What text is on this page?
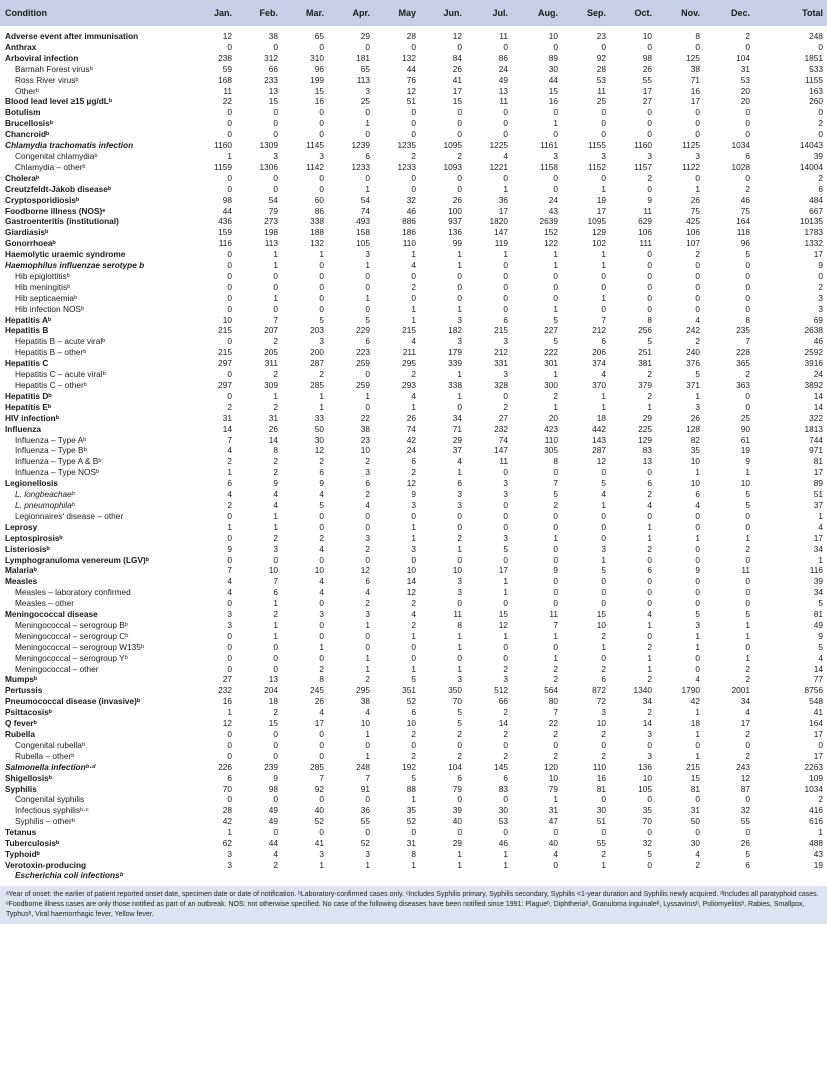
Condition	Jan.	Feb.	Mar.	Apr.	May	Jun.	Jul.	Aug.	Sep.	Oct.	Nov.	Dec.	Total

Adverse event after immunisation	12	38	65	29	28	12	11	10	23	10	8	2	248
Anthrax	0	0	0	0	0	0	0	0	0	0	0	0	0
Arboviral infection	238	312	310	181	132	84	86	89	92	98	125	104	1851
Barmah Forest virusᵇ	59	66	96	65	44	26	24	30	28	26	38	31	533
Ross River virusᵇ	168	233	199	113	76	41	49	44	53	55	71	53	1155
Otherᵇ	11	13	15	3	12	17	13	15	11	17	16	20	163
Blood lead level ≥15 µg/dLᵇ	22	15	16	25	51	15	11	16	25	27	17	20	260
Botulism	0	0	0	0	0	0	0	0	0	0	0	0	0
Brucellosisᵇ	0	0	0	1	0	0	0	1	0	0	0	0	2
Chancroidᵇ	0	0	0	0	0	0	0	0	0	0	0	0	0
Chlamydia trachomatis infection	1160	1309	1145	1239	1235	1095	1225	1161	1155	1160	1125	1034	14043
Congenital chlamydiaᵇ	1	3	3	6	2	2	4	3	3	3	3	6	39
Chlamydia – otherᵇ	1159	1306	1142	1233	1233	1093	1221	1158	1152	1157	1122	1028	14004
Choleraᵇ	0	0	0	0	0	0	0	0	0	2	0	0	2
Creutzfeldt-Jakob diseaseᵇ	0	0	0	1	0	0	1	0	1	0	1	2	6
Cryptosporidiosisᵇ	98	54	60	54	32	26	36	24	19	9	26	46	484
Foodborne illness (NOS)ᵉ	44	79	86	74	46	100	17	43	17	11	75	75	667
Gastroenteritis (institutional)	436	273	338	493	886	937	1820	2639	1095	629	425	164	10135
Giardiasisᵇ	159	198	188	158	186	136	147	152	129	106	106	118	1783
Gonorrhoeaᵇ	116	113	132	105	110	99	119	122	102	111	107	96	1332
Haemolytic uraemic syndrome	0	1	1	3	1	1	1	1	1	0	2	5	17
Haemophilus influenzae serotype b	0	1	0	1	4	1	0	1	1	0	0	0	9
Hib epiglottitisᵇ	0	0	0	0	0	0	0	0	0	0	0	0	0
Hib meningitisᵇ	0	0	0	0	2	0	0	0	0	0	0	0	2
Hib septicaemiaᵇ	0	1	0	1	0	0	0	0	1	0	0	0	3
Hib infection NOSᵇ	0	0	0	0	1	1	0	1	0	0	0	0	3
Hepatitis Aᵇ	10	7	5	5	1	3	6	5	7	8	4	8	69
Hepatitis B	215	207	203	229	215	182	215	227	212	256	242	235	2638
Hepatitis B – acute viralᵇ	0	2	3	6	4	3	3	5	6	5	2	7	46
Hepatitis B – otherᵇ	215	205	200	223	211	179	212	222	206	251	240	228	2592
Hepatitis C	297	311	287	259	295	339	331	301	374	381	376	365	3916
Hepatitis C – acute viralᵇ	0	2	2	0	2	1	3	1	4	2	5	2	24
Hepatitis C – otherᵇ	297	309	285	259	293	338	328	300	370	379	371	363	3892
Hepatitis Dᵇ	0	1	1	1	4	1	0	2	1	2	1	0	14
Hepatitis Eᵇ	2	2	1	0	1	0	2	1	1	1	3	0	14
HIV infectionᵇ	31	31	33	22	26	34	27	20	18	29	26	25	322
Influenza	14	26	50	38	74	71	232	423	442	225	128	90	1813
Influenza – Type Aᵇ	7	14	30	23	42	29	74	110	143	129	82	61	744
Influenza – Type Bᵇ	4	8	12	10	24	37	147	305	287	83	35	19	971
Influenza – Type A & Bᵇ	2	2	2	2	6	4	11	8	12	13	10	9	81
Influenza – Type NOSᵇ	1	2	6	3	2	1	0	0	0	0	1	1	17
Legionellosis	6	9	9	6	12	6	3	7	5	6	10	10	89
L. longbeachaeᵇ	4	4	4	2	9	3	3	5	4	2	6	5	51
L. pneumophilaᵇ	2	4	5	4	3	3	0	2	1	4	4	5	37
Legionnaires' disease – other	0	1	0	0	0	0	0	0	0	0	0	0	1
Leprosy	1	1	0	0	1	0	0	0	0	1	0	0	4
Leptospirosisᵇ	0	2	2	3	1	2	3	1	0	1	1	1	17
Listeriosisᵇ	9	3	4	2	3	1	5	0	3	2	0	2	34
Lymphogranuloma venereum (LGV)ᵇ	0	0	0	0	0	0	0	0	1	0	0	0	1
Malariaᵇ	7	10	10	12	10	10	17	9	5	6	9	11	116
Measles	4	7	4	6	14	3	1	0	0	0	0	0	39
Measles – laboratory confirmed	4	6	4	4	12	3	1	0	0	0	0	0	34
Measles – other	0	1	0	2	2	0	0	0	0	0	0	0	5
Meningococcal disease	3	2	3	3	4	11	15	11	15	4	5	5	81
Meningococcal – serogroup Bᵇ	3	1	0	1	2	8	12	7	10	1	3	1	49
Meningococcal – serogroup Cᵇ	0	1	0	0	1	1	1	1	2	0	1	1	9
Meningococcal – serogroup W135ᵇ	0	0	1	0	0	1	0	0	1	2	1	0	5
Meningococcal – serogroup Yᵇ	0	0	0	1	0	0	0	1	0	1	0	1	4
Meningococcal – other	0	0	2	1	1	1	2	2	2	1	0	2	14
Mumpsᵇ	27	13	8	2	5	3	3	2	6	2	4	2	77
Pertussis	232	204	245	295	351	350	512	564	872	1340	1790	2001	8756
Pneumococcal disease (invasive)ᵇ	16	18	26	38	52	70	66	80	72	34	42	34	548
Psittacosisᵇ	1	2	4	4	6	5	2	7	3	2	1	4	41
Q feverᵇ	12	15	17	10	10	5	14	22	10	14	18	17	164
Rubella	0	0	0	1	2	2	2	2	2	3	1	2	17
Congenital rubellaᵇ	0	0	0	0	0	0	0	0	0	0	0	0	0
Rubella – otherᵇ	0	0	0	1	2	2	2	2	2	3	1	2	17
Salmonella infectionᵇ·ᵈ	226	239	285	248	192	104	145	120	110	136	215	243	2263
Shigellosisᵇ	6	9	7	7	5	6	6	10	16	10	15	12	109
Syphilis	70	98	92	91	88	79	83	79	81	105	81	87	1034
Congenital syphilis	0	0	0	0	1	0	0	1	0	0	0	0	2
Infectious syphilisᵇ·ᶜ	28	49	40	36	35	39	30	31	30	35	31	32	416
Syphilis – otherᵇ	42	49	52	55	52	40	53	47	51	70	50	55	616
Tetanus	1	0	0	0	0	0	0	0	0	0	0	0	1
Tuberculosisᵇ	62	44	41	52	31	29	46	40	55	32	30	26	488
Typhoidᵇ	3	4	3	3	8	1	1	4	2	5	4	5	43
Verotoxin-producing
Escherichia coli infectionsᵇ	3	2	1	1	1	1	1	0	1	0	2	6	19
ᵃYear of onset: the earlier of patient reported onset date, specimen date or date of notification. ᵇLaboratory-confirmed cases only. ᶜIncludes Syphilis primary, Syphilis secondary, Syphilis <1-year duration and Syphilis newly acquired. ᵈIncludes all paratyphoid cases. ᵉFoodborne illness cases are only those notified as part of an outbreak. NOS: not otherwise specified. No case of the following diseases have been notified since 1991: Plagueᵇ, Diphtheriaᵇ, Granuloma inguinaleᵇ, Lyssavirusᵇ, Poliomyelitisᵇ, Rabies, Smallpox, Typhusᵇ, Viral haemorrhagic fever, Yellow fever.
